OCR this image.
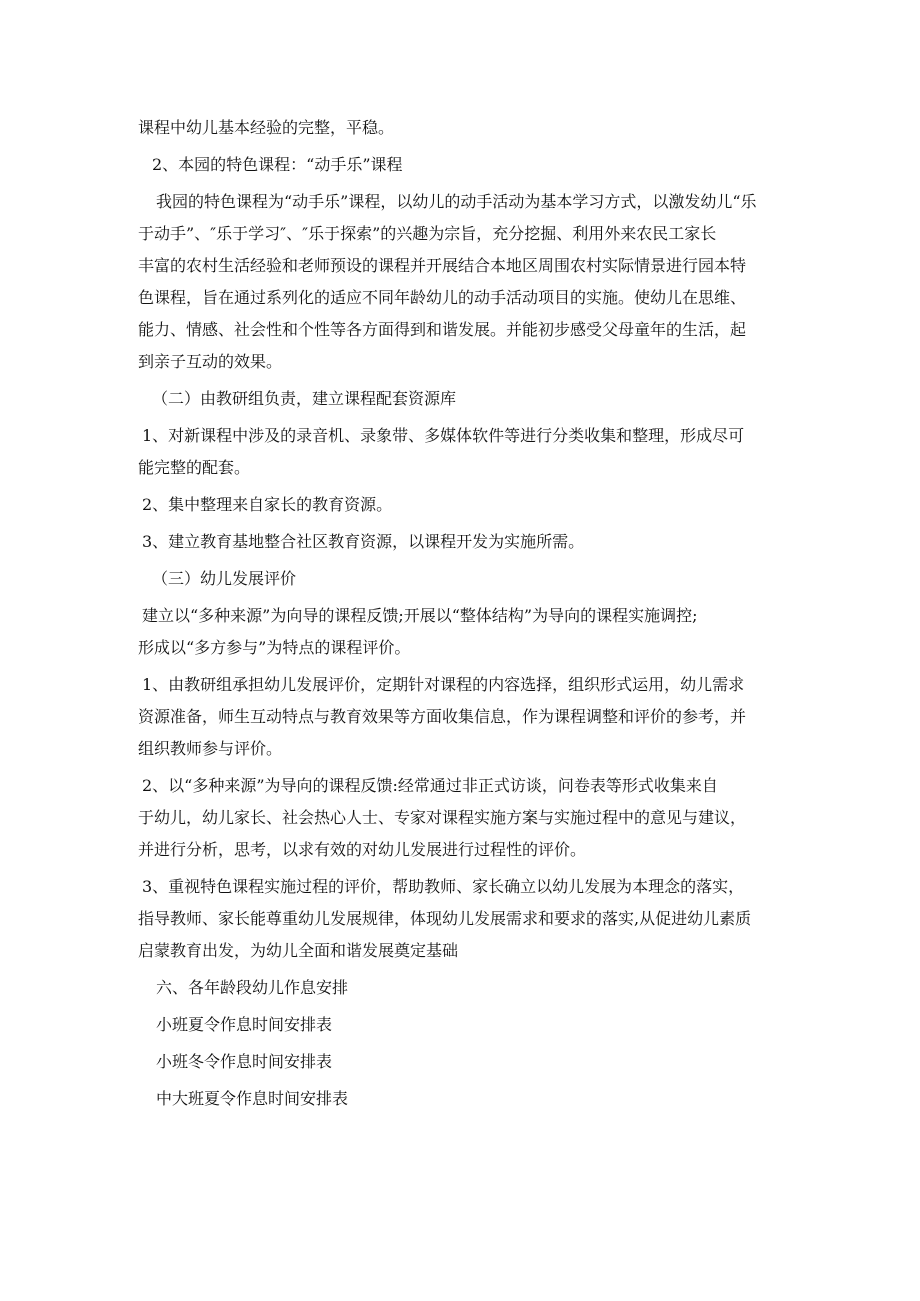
课程中幼儿基本经验的完整，平稳。
2、本园的特色课程：“动手乐”课程
我园的特色课程为“动手乐”课程，以幼儿的动手活动为基本学习方式，以激发幼儿“乐
于动手”、″乐于学习″、″乐于探索”的兴趣为宗旨，充分挖掘、利用外来农民工家长
丰富的农村生活经验和老师预设的课程并开展结合本地区周围农村实际情景进行园本特
色课程，旨在通过系列化的适应不同年龄幼儿的动手活动项目的实施。使幼儿在思维、
能力、情感、社会性和个性等各方面得到和谐发展。并能初步感受父母童年的生活，起
到亲子互动的效果。
（二）由教研组负责，建立课程配套资源库
1、对新课程中涉及的录音机、录象带、多媒体软件等进行分类收集和整理，形成尽可
能完整的配套。
2、集中整理来自家长的教育资源。
3、建立教育基地整合社区教育资源，以课程开发为实施所需。
（三）幼儿发展评价
建立以“多种来源”为向导的课程反馈;开展以“整体结构”为导向的课程实施调控;
形成以“多方参与”为特点的课程评价。
1、由教研组承担幼儿发展评价，定期针对课程的内容选择，组织形式运用，幼儿需求
资源准备，师生互动特点与教育效果等方面收集信息，作为课程调整和评价的参考，并
组织教师参与评价。
2、以“多种来源”为导向的课程反馈:经常通过非正式访谈，问卷表等形式收集来自
于幼儿，幼儿家长、社会热心人士、专家对课程实施方案与实施过程中的意见与建议，
并进行分析，思考，以求有效的对幼儿发展进行过程性的评价。
3、重视特色课程实施过程的评价，帮助教师、家长确立以幼儿发展为本理念的落实，
指导教师、家长能尊重幼儿发展规律，体现幼儿发展需求和要求的落实,从促进幼儿素质
启蒙教育出发，为幼儿全面和谐发展奠定基础
六、各年龄段幼儿作息安排
小班夏令作息时间安排表
小班冬令作息时间安排表
中大班夏令作息时间安排表
